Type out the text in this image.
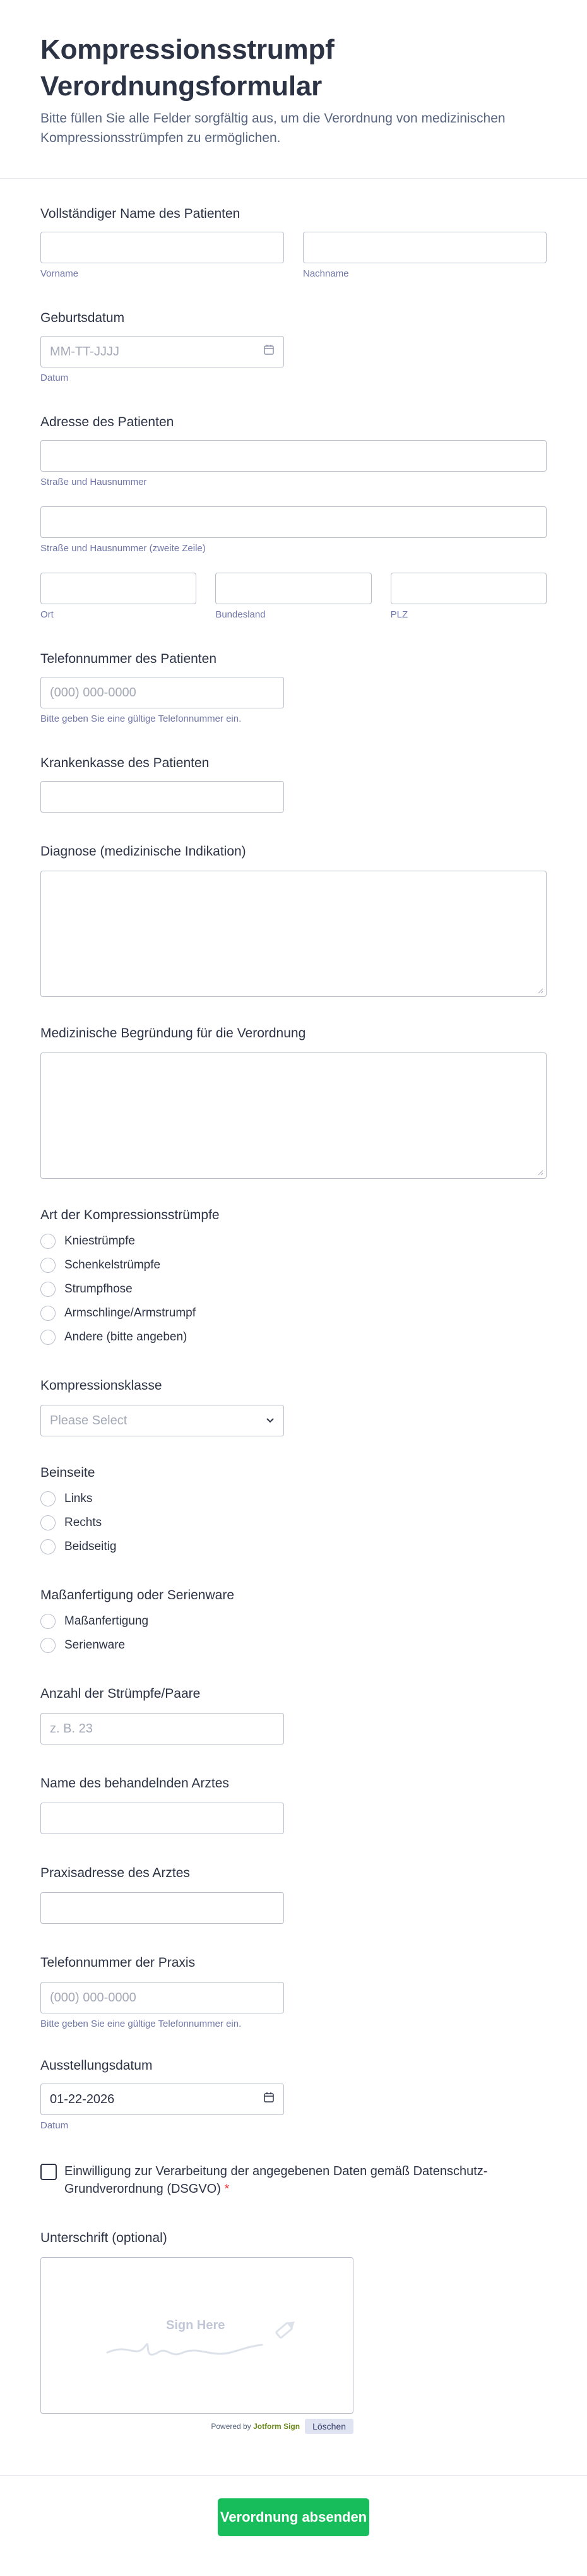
Kompressionsstrumpf Verordnungsformular

Bitte füllen Sie alle Felder sorgfältig aus, um die Verordnung von medizinischen Kompressionsstrümpfen zu ermöglichen.

Vollständiger Name des Patienten
Vorname	Nachname
Geburtsdatum
MM-TT-JJJJ
Datum
Adresse des Patienten
Straße und Hausnummer
Straße und Hausnummer (zweite Zeile)
Ort	Bundesland	PLZ
Telefonnummer des Patienten
(000) 000-0000
Bitte geben Sie eine gültige Telefonnummer ein.
Krankenkasse des Patienten
Diagnose (medizinische Indikation)
Medizinische Begründung für die Verordnung
Art der Kompressionsstrümpfe
Kniestrümpfe
Schenkelstrümpfe
Strumpfhose
Armschlinge/Armstrumpf
Andere (bitte angeben)
Kompressionsklasse
Please Select
Beinseite
Links
Rechts
Beidseitig
Maßanfertigung oder Serienware
Maßanfertigung
Serienware
Anzahl der Strümpfe/Paare
z. B. 23
Name des behandelnden Arztes
Praxisadresse des Arztes
Telefonnummer der Praxis
(000) 000-0000
Bitte geben Sie eine gültige Telefonnummer ein.
Ausstellungsdatum
01-22-2026
Datum
Einwilligung zur Verarbeitung der angegebenen Daten gemäß Datenschutz-Grundverordnung (DSGVO) *
Unterschrift (optional)
Sign Here
Powered by Jotform Sign	Löschen
Verordnung absenden
